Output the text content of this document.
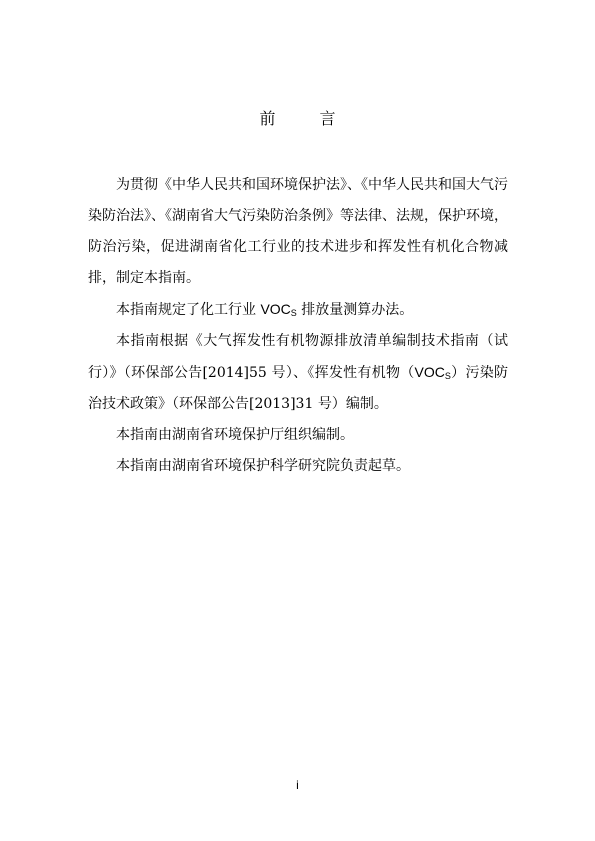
前　言

为贯彻《中华人民共和国环境保护法》、《中华人民共和国大气污染防治法》、《湖南省大气污染防治条例》等法律、法规，保护环境，防治污染，促进湖南省化工行业的技术进步和挥发性有机化合物减排，制定本指南。

本指南规定了化工行业 $VOC_S$ 排放量测算办法。

本指南根据《大气挥发性有机物源排放清单编制技术指南（试行）》（环保部公告[2014]55 号）、《挥发性有机物$(VOC_S)$污染防治技术政策》（环保部公告[2013]31 号）编制。

本指南由湖南省环境保护厅组织编制。

本指南由湖南省环境保护科学研究院负责起草。

i
